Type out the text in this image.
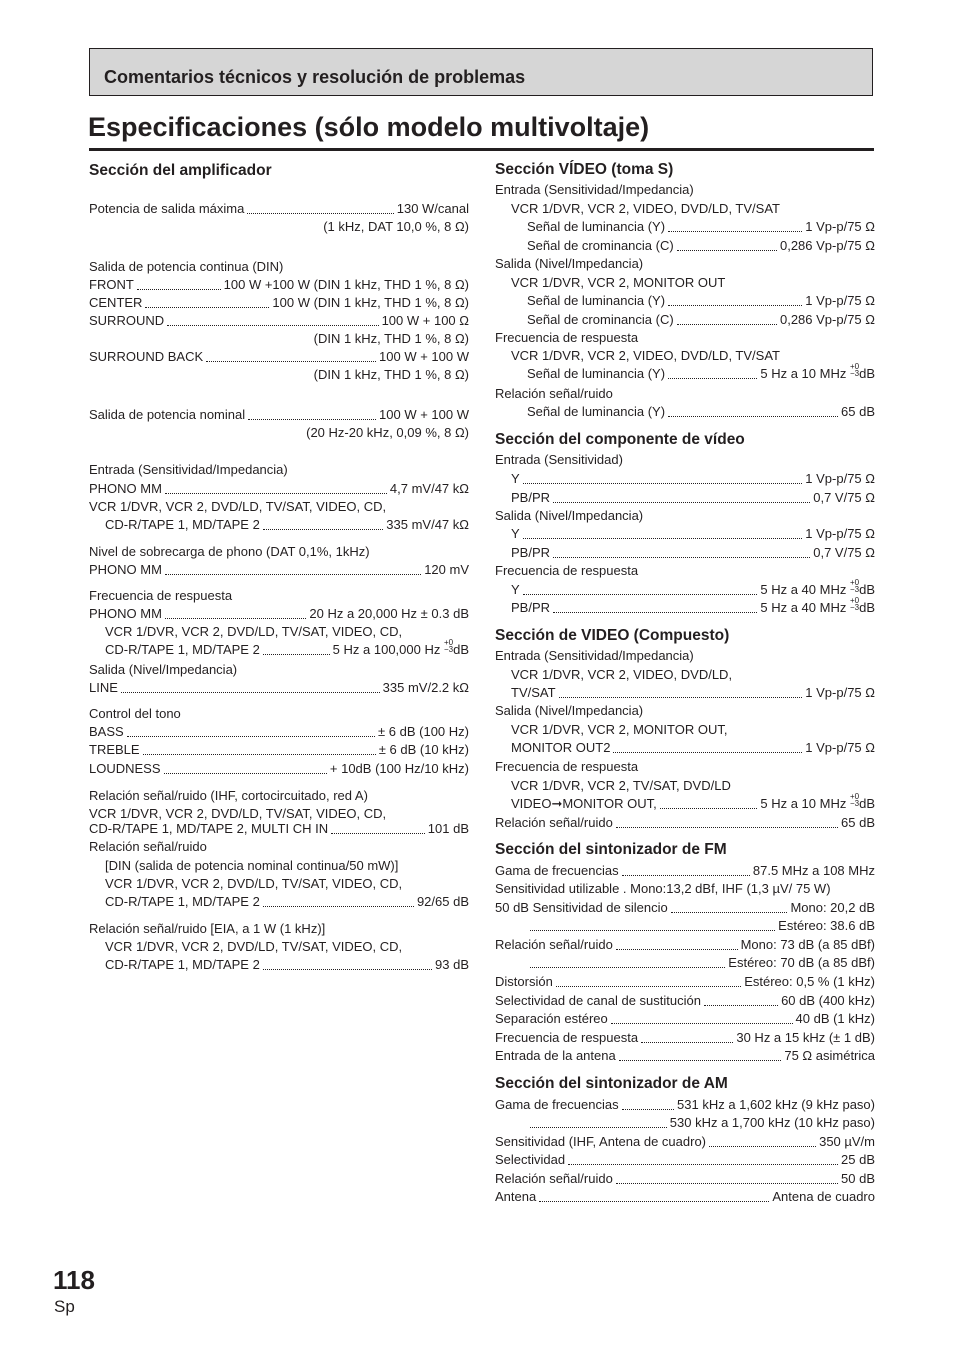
Comentarios técnicos y resolución de problemas
Especificaciones (sólo modelo multivoltaje)
Sección del amplificador
Potencia de salida máxima	130 W/canal
(1 kHz, DAT 10,0 %, 8 Ω)
Salida de potencia continua (DIN)
FRONT	100 W +100 W (DIN 1 kHz, THD 1 %, 8 Ω)
CENTER	100 W (DIN 1 kHz, THD 1 %, 8 Ω)
SURROUND	100 W + 100 Ω
(DIN 1 kHz, THD 1 %, 8 Ω)
SURROUND BACK	100 W + 100 W
(DIN 1 kHz, THD 1 %, 8 Ω)
Salida de potencia nominal	100 W + 100 W
(20 Hz-20 kHz, 0,09 %, 8 Ω)
Entrada (Sensitividad/Impedancia)
PHONO MM	4,7 mV/47 kΩ
VCR 1/DVR, VCR 2, DVD/LD, TV/SAT, VIDEO, CD,
CD-R/TAPE 1, MD/TAPE 2	335 mV/47 kΩ
Nivel de sobrecarga de phono (DAT 0,1%, 1kHz)
PHONO MM	120 mV
Frecuencia de respuesta
PHONO MM	20 Hz a 20,000 Hz ± 0.3 dB
VCR 1/DVR, VCR 2, DVD/LD, TV/SAT, VIDEO, CD,
CD-R/TAPE 1, MD/TAPE 2	5 Hz a 100,000 Hz +0
−3dB
Salida (Nivel/Impedancia)
LINE	335 mV/2.2 kΩ
Control del tono
BASS	± 6 dB (100 Hz)
TREBLE	± 6 dB (10 kHz)
LOUDNESS	+ 10dB (100 Hz/10 kHz)
Relación señal/ruido (IHF, cortocircuitado, red A)
VCR 1/DVR, VCR 2, DVD/LD, TV/SAT, VIDEO, CD,
CD-R/TAPE 1, MD/TAPE 2, MULTI CH IN	101 dB
Relación señal/ruido
[DIN (salida de potencia nominal continua/50 mW)]
VCR 1/DVR, VCR 2, DVD/LD, TV/SAT, VIDEO, CD,
CD-R/TAPE 1, MD/TAPE 2	92/65 dB
Relación señal/ruido [EIA, a 1 W (1 kHz)]
VCR 1/DVR, VCR 2, DVD/LD, TV/SAT, VIDEO, CD,
CD-R/TAPE 1, MD/TAPE 2	93 dB
Sección VÍDEO (toma S)
Entrada (Sensitividad/Impedancia)
VCR 1/DVR, VCR 2, VIDEO, DVD/LD, TV/SAT
Señal de luminancia (Y)	1 Vp-p/75 Ω
Señal de crominancia (C)	0,286 Vp-p/75 Ω
Salida (Nivel/Impedancia)
VCR 1/DVR, VCR 2, MONITOR OUT
Señal de luminancia (Y)	1 Vp-p/75 Ω
Señal de crominancia (C)	0,286 Vp-p/75 Ω
Frecuencia de respuesta
VCR 1/DVR, VCR 2, VIDEO, DVD/LD, TV/SAT
Señal de luminancia (Y)	5 Hz a 10 MHz +0
−3dB
Relación señal/ruido
Señal de luminancia (Y)	65 dB
Sección del componente de vídeo
Entrada (Sensitividad)
Y	1 Vp-p/75 Ω
PB/PR	0,7 V/75 Ω
Salida (Nivel/Impedancia)
Y	1 Vp-p/75 Ω
PB/PR	0,7 V/75 Ω
Frecuencia de respuesta
Y	5 Hz a 40 MHz +0
−3dB
PB/PR	5 Hz a 40 MHz +0
−3dB
Sección de VIDEO (Compuesto)
Entrada (Sensitividad/Impedancia)
VCR 1/DVR, VCR 2, VIDEO, DVD/LD,
TV/SAT	1 Vp-p/75 Ω
Salida (Nivel/Impedancia)
VCR 1/DVR, VCR 2, MONITOR OUT,
MONITOR OUT2	1 Vp-p/75 Ω
Frecuencia de respuesta
VCR 1/DVR, VCR 2, TV/SAT, DVD/LD
VIDEO➞MONITOR OUT,	5 Hz a 10 MHz +0
−3dB
Relación señal/ruido	65 dB
Sección del sintonizador de FM
Gama de frecuencias	87.5 MHz a 108 MHz
Sensitividad utilizable . Mono:13,2 dBf, IHF (1,3 µV/ 75 W)
50 dB Sensitividad de silencio	Mono: 20,2 dB
Estéreo: 38.6 dB
Relación señal/ruido	Mono: 73 dB (a 85 dBf)
Estéreo: 70 dB (a 85 dBf)
Distorsión	Estéreo: 0,5 % (1 kHz)
Selectividad de canal de sustitución	60 dB (400 kHz)
Separación estéreo	40 dB (1 kHz)
Frecuencia de respuesta	30 Hz a 15 kHz (± 1 dB)
Entrada de la antena	75 Ω asimétrica
Sección del sintonizador de AM
Gama de frecuencias	531 kHz a 1,602 kHz (9 kHz paso)
530 kHz a 1,700 kHz (10 kHz paso)
Sensitividad (IHF, Antena de cuadro)	350 µV/m
Selectividad	25 dB
Relación señal/ruido	50 dB
Antena	Antena de cuadro
118
Sp
